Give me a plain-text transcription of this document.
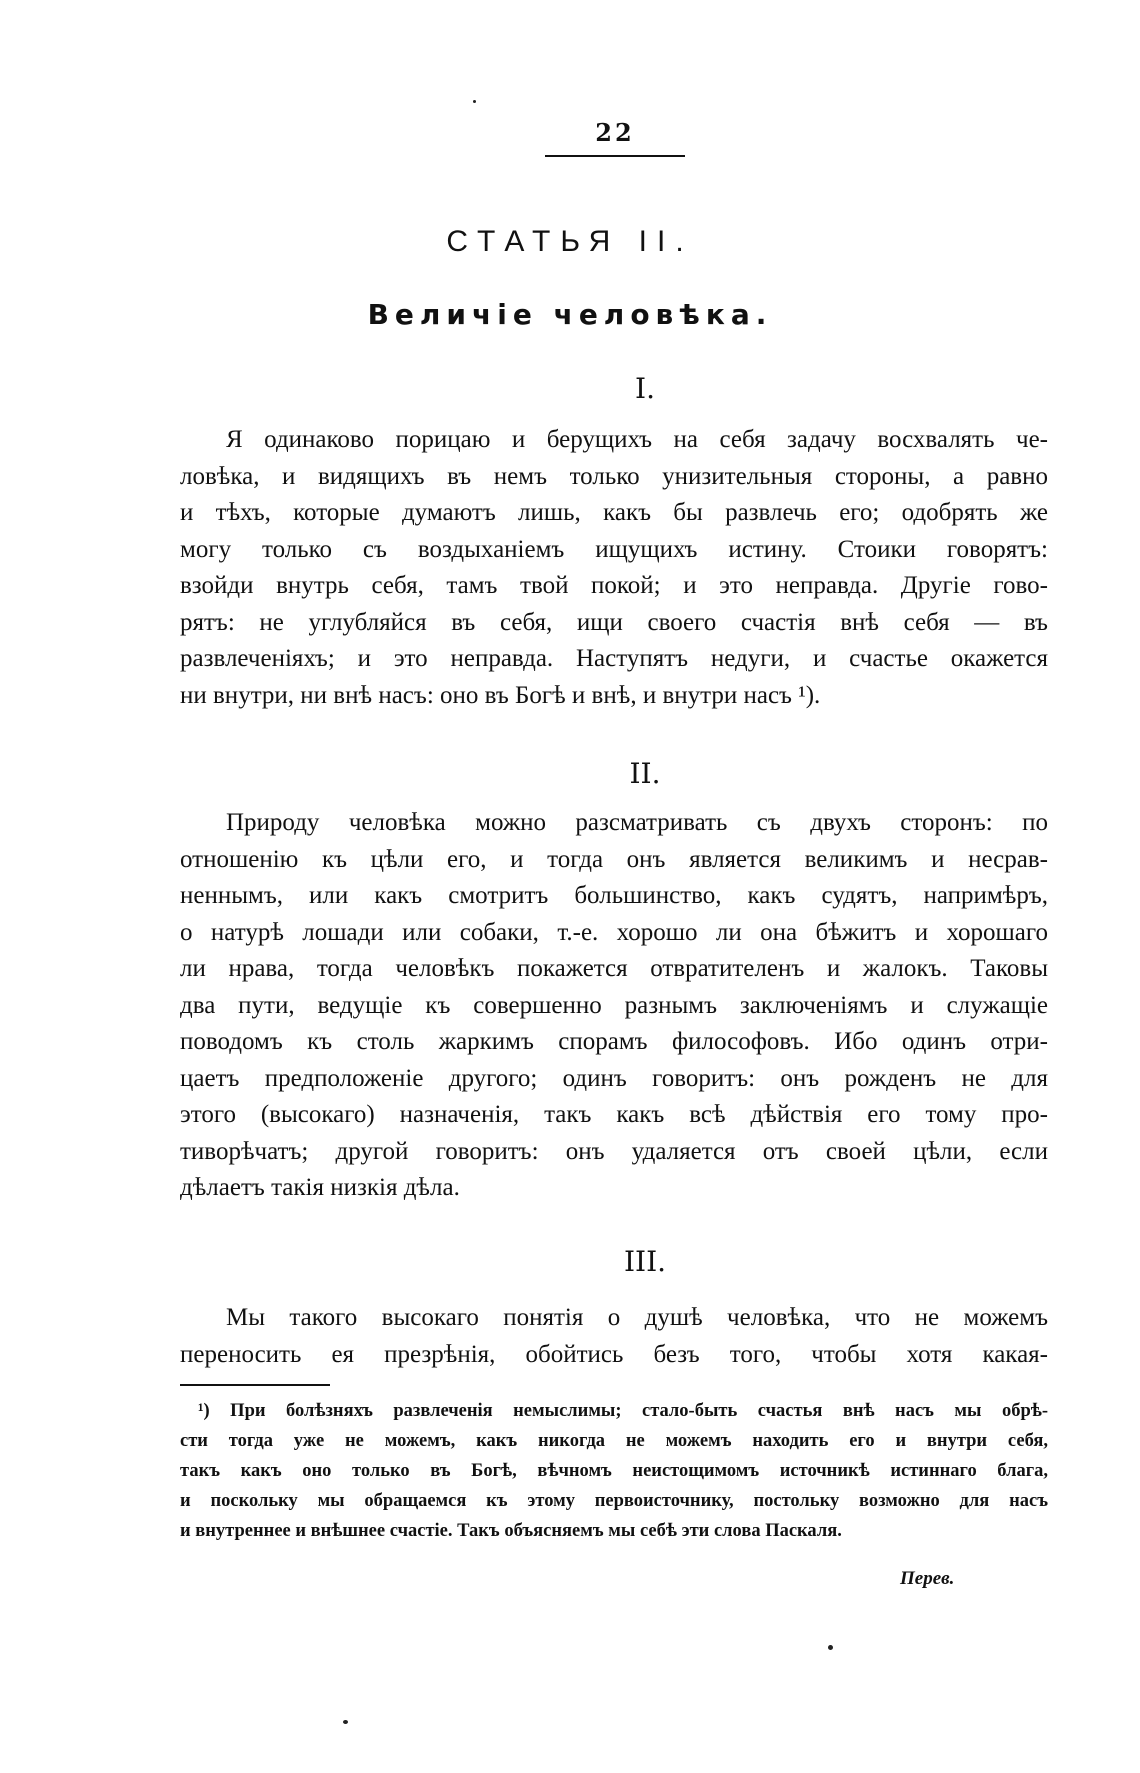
22
СТАТЬЯ II.
Величіе человѣка.
I.
Я одинаково порицаю и берущихъ на себя задачу восхвалять че-
ловѣка, и видящихъ въ немъ только унизительныя стороны, а равно
и тѣхъ, которые думаютъ лишь, какъ бы развлечь его; одобрять же
могу только съ воздыханіемъ ищущихъ истину. Стоики говорятъ:
взойди внутрь себя, тамъ твой покой; и это неправда. Другіе гово-
рятъ: не углубляйся въ себя, ищи своего счастія внѣ себя — въ
развлеченіяхъ; и это неправда. Наступятъ недуги, и счастье окажется
ни внутри, ни внѣ насъ: оно въ Богѣ и внѣ, и внутри насъ ¹).
II.
Природу человѣка можно разсматривать съ двухъ сторонъ: по
отношенію къ цѣли его, и тогда онъ является великимъ и несрав-
неннымъ, или какъ смотритъ большинство, какъ судятъ, напримѣръ,
о натурѣ лошади или собаки, т.-е. хорошо ли она бѣжитъ и хорошаго
ли нрава, тогда человѣкъ покажется отвратителенъ и жалокъ. Таковы
два пути, ведущіе къ совершенно разнымъ заключеніямъ и служащіе
поводомъ къ столь жаркимъ спорамъ философовъ. Ибо одинъ отри-
цаетъ предположеніе другого; одинъ говоритъ: онъ рожденъ не для
этого (высокаго) назначенія, такъ какъ всѣ дѣйствія его тому про-
тиворѣчатъ; другой говоритъ: онъ удаляется отъ своей цѣли, если
дѣлаетъ такія низкія дѣла.
III.
Мы такого высокаго понятія о душѣ человѣка, что не можемъ
переносить ея презрѣнія, обойтись безъ того, чтобы хотя какая-
¹) При болѣзняхъ развлеченія немыслимы; стало-быть счастья внѣ насъ мы обрѣ-
сти тогда уже не можемъ, какъ никогда не можемъ находить его и внутри себя,
такъ какъ оно только въ Богѣ, вѣчномъ неистощимомъ источникѣ истиннаго блага,
и поскольку мы обращаемся къ этому первоисточнику, постольку возможно для насъ
и внутреннее и внѣшнее счастіе. Такъ объясняемъ мы себѣ эти слова Паскаля.
Перев.
